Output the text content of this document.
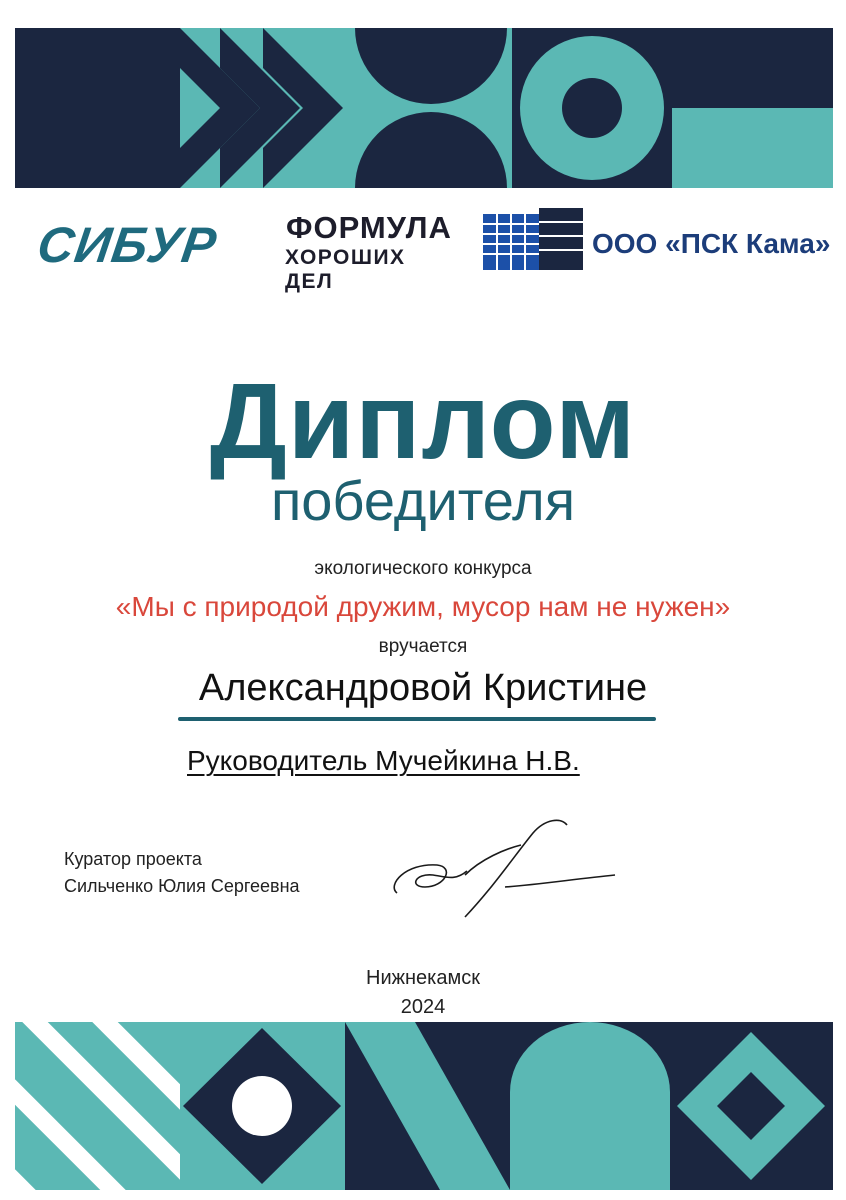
СИБУР ФОРМУЛА
ХОРОШИХ ДЕЛ
ООО «ПСК Кама»
Диплом
победителя
экологического конкурса
«Мы с природой дружим, мусор нам не нужен»
вручается
Александровой Кристине
Руководитель Мучейкина Н.В.
Куратор проекта
Сильченко Юлия Сергеевна
Нижнекамск
2024
